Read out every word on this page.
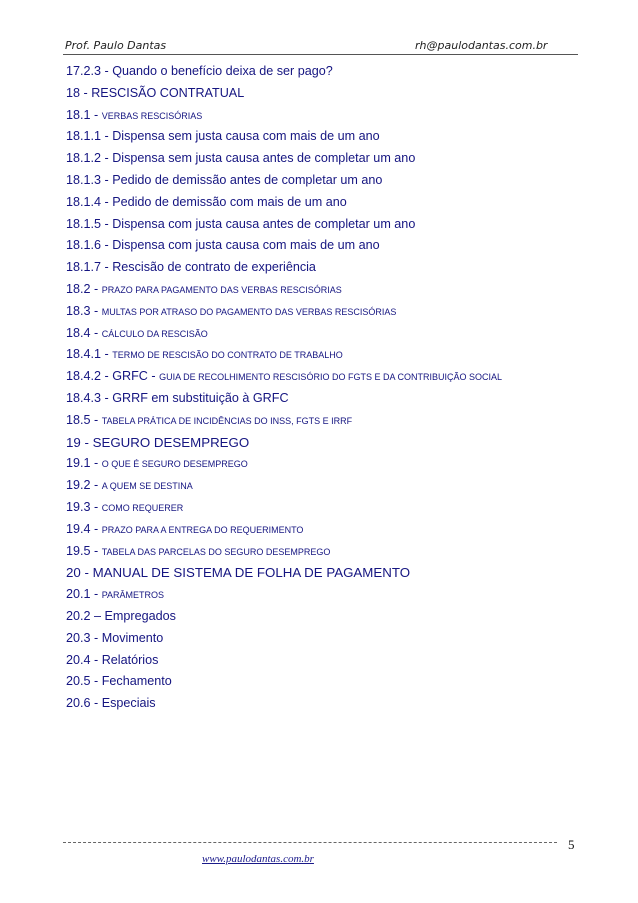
Prof. Paulo Dantas	rh@paulodantas.com.br
17.2.3 - Quando o benefício deixa de ser pago?
18 - RESCISÃO CONTRATUAL
18.1 - VERBAS RESCISÓRIAS
18.1.1 - Dispensa sem justa causa com mais de um ano
18.1.2 - Dispensa sem justa causa antes de completar um ano
18.1.3 - Pedido de demissão antes de completar um ano
18.1.4 - Pedido de demissão com mais de um ano
18.1.5 - Dispensa com justa causa antes de completar um ano
18.1.6 - Dispensa com justa causa com mais de um ano
18.1.7 - Rescisão de contrato de experiência
18.2 - PRAZO PARA PAGAMENTO DAS VERBAS RESCISÓRIAS
18.3 - MULTAS POR ATRASO DO PAGAMENTO DAS VERBAS RESCISÓRIAS
18.4 - CÁLCULO DA RESCISÃO
18.4.1 - TERMO DE RESCISÃO DO CONTRATO DE TRABALHO
18.4.2 - GRFC - GUIA DE RECOLHIMENTO RESCISÓRIO DO FGTS E DA CONTRIBUIÇÃO SOCIAL
18.4.3 - GRRF em substituição à GRFC
18.5 - TABELA PRÁTICA DE INCIDÊNCIAS DO INSS, FGTS E IRRF
19 - SEGURO DESEMPREGO
19.1 - O QUE É SEGURO DESEMPREGO
19.2 - A QUEM SE DESTINA
19.3 - COMO REQUERER
19.4 - PRAZO PARA A ENTREGA DO REQUERIMENTO
19.5 - TABELA DAS PARCELAS DO SEGURO DESEMPREGO
20 - MANUAL DE SISTEMA DE FOLHA DE PAGAMENTO
20.1 - PARÂMETROS
20.2 – Empregados
20.3 - Movimento
20.4 - Relatórios
20.5 - Fechamento
20.6 - Especiais
5
www.paulodantas.com.br
